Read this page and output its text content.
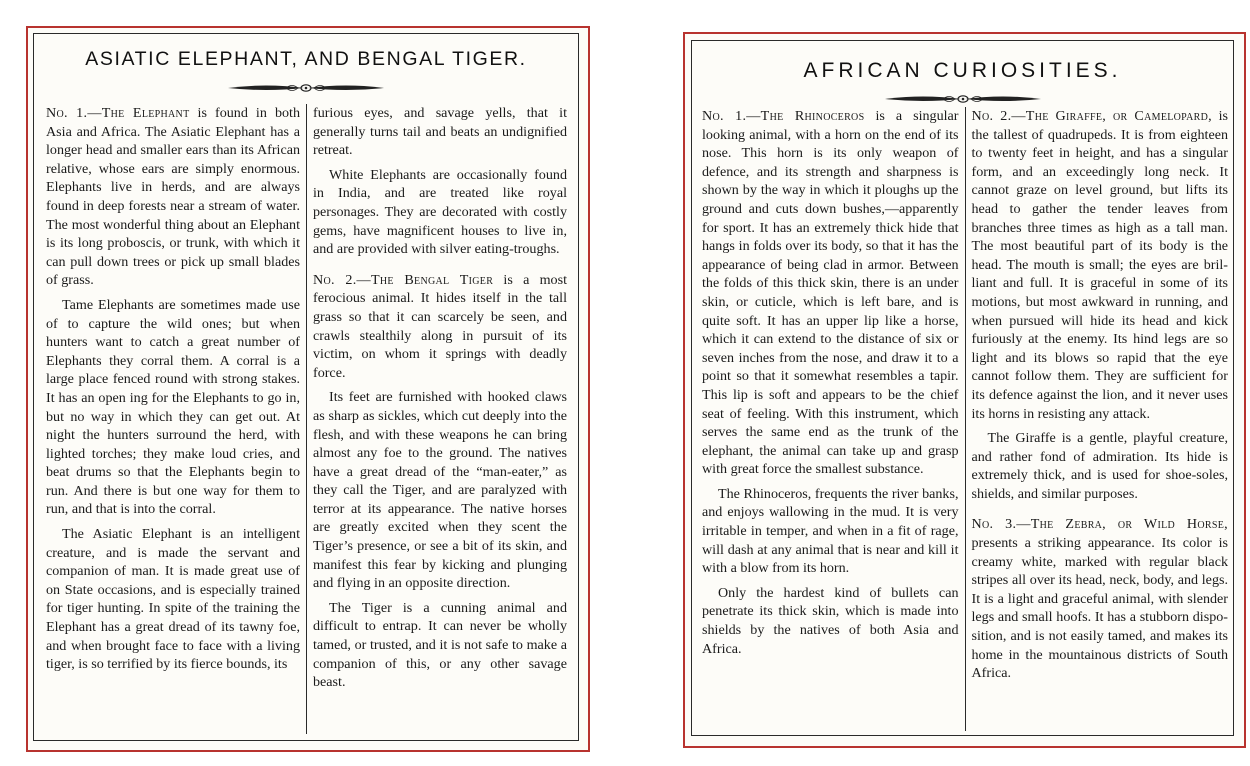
ASIATIC ELEPHANT, AND BENGAL TIGER.

No. 1.—The Elephant is found in both Asia and Africa. The Asiatic Elephant has a longer head and smaller ears than its African relative, whose ears are simply enormous. Elephants live in herds, and are always found in deep forests near a stream of water. The most wonderful thing about an Elephant is its long proboscis, or trunk, with which it can pull down trees or pick up small blades of grass.

Tame Elephants are sometimes made use of to capture the wild ones; but when hunters want to catch a great number of Elephants they corral them. A corral is a large place fenced round with strong stakes. It has an open ing for the Elephants to go in, but no way in which they can get out. At night the hunters surround the herd, with lighted torches; they make loud cries, and beat drums so that the Elephants begin to run. And there is but one way for them to run, and that is into the corral.

The Asiatic Elephant is an intelligent creature, and is made the servant and companion of man. It is made great use of on State occasions, and is especially trained for tiger hunting. In spite of the training the Elephant has a great dread of its tawny foe, and when brought face to face with a living tiger, is so terrified by its fierce bounds, its

furious eyes, and savage yells, that it generally turns tail and beats an undignified retreat.

White Elephants are occasionally found in India, and are treated like royal personages. They are decorated with costly gems, have magnificent houses to live in, and are provided with silver eating-troughs.

No. 2.—The Bengal Tiger is a most ferocious animal. It hides itself in the tall grass so that it can scarcely be seen, and crawls stealthily along in pursuit of its victim, on whom it springs with deadly force.

Its feet are furnished with hooked claws as sharp as sickles, which cut deeply into the flesh, and with these weapons he can bring almost any foe to the ground. The natives have a great dread of the “man-eater,” as they call the Tiger, and are paralyzed with terror at its appearance. The native horses are greatly excited when they scent the Tiger’s presence, or see a bit of its skin, and manifest this fear by kicking and plunging and flying in an opposite direction.

The Tiger is a cunning animal and difficult to entrap. It can never be wholly tamed, or trusted, and it is not safe to make a companion of this, or any other savage beast.

AFRICAN CURIOSITIES.

No. 1.—The Rhinoceros is a singular looking animal, with a horn on the end of its nose. This horn is its only weapon of defence, and its strength and sharpness is shown by the way in which it ploughs up the ground and cuts down bushes,—apparently for sport. It has an extremely thick hide that hangs in folds over its body, so that it has the appearance of being clad in armor. Between the folds of this thick skin, there is an under skin, or cuticle, which is left bare, and is quite soft. It has an upper lip like a horse, which it can extend to the distance of six or seven inches from the nose, and draw it to a point so that it somewhat resembles a tapir. This lip is soft and appears to be the chief seat of feeling. With this instrument, which serves the same end as the trunk of the elephant, the animal can take up and grasp with great force the smallest substance.

The Rhinoceros, frequents the river banks, and enjoys wallowing in the mud. It is very irritable in temper, and when in a fit of rage, will dash at any animal that is near and kill it with a blow from its horn.

Only the hardest kind of bullets can penetrate its thick skin, which is made into shields by the natives of both Asia and Africa.

No. 2.—The Giraffe, or Camelopard, is the tallest of quadrupeds. It is from eighteen to twenty feet in height, and has a singular form, and an exceedingly long neck. It cannot graze on level ground, but lifts its head to gather the tender leaves from branches three times as high as a tall man. The most beautiful part of its body is the head. The mouth is small; the eyes are brilliant and full. It is graceful in some of its motions, but most awkward in running, and when pursued will hide its head and kick furiously at the enemy. Its hind legs are so light and its blows so rapid that the eye cannot follow them. They are sufficient for its defence against the lion, and it never uses its horns in resisting any attack.

The Giraffe is a gentle, playful creature, and rather fond of admiration. Its hide is extremely thick, and is used for shoe-soles, shields, and similar purposes.

No. 3.—The Zebra, or Wild Horse, presents a striking appearance. Its color is creamy white, marked with regular black stripes all over its head, neck, body, and legs. It is a light and graceful animal, with slender legs and small hoofs. It has a stubborn disposition, and is not easily tamed, and makes its home in the mountainous districts of South Africa.
